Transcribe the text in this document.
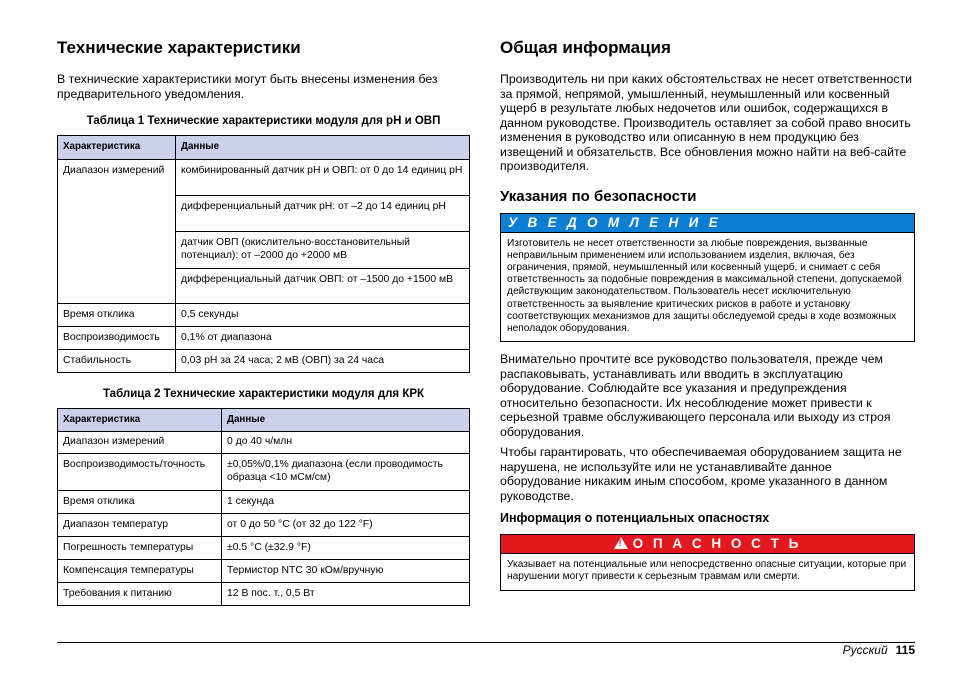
Технические характеристики

В технические характеристики могут быть внесены изменения без предварительного уведомления.

Таблица 1 Технические характеристики модуля для pH и ОВП
Характеристика	Данные
Диапазон измерений	комбинированный датчик pH и ОВП: от 0 до 14 единиц pH
	дифференциальный датчик pH: от –2 до 14 единиц pH
	датчик ОВП (окислительно-восстановительный потенциал): от –2000 до +2000 мВ
	дифференциальный датчик ОВП: от –1500 до +1500 мВ
Время отклика	0,5 секунды
Воспроизводимость	0,1% от диапазона
Стабильность	0,03 pH за 24 часа; 2 мВ (ОВП) за 24 часа
Таблица 2 Технические характеристики модуля для КРК
Характеристика	Данные
Диапазон измерений	0 до 40 ч/млн
Воспроизводимость/точность	±0,05%/0,1% диапазона (если проводимость образца <10 мСм/см)
Время отклика	1 секунда
Диапазон температур	от 0 до 50 °C (от 32 до 122 °F)
Погрешность температуры	±0.5 °C (±32.9 °F)
Компенсация температуры	Термистор NTC 30 кОм/вручную
Требования к питанию	12 В пос. т., 0,5 Вт
Общая информация

Производитель ни при каких обстоятельствах не несет ответственности за прямой, непрямой, умышленный, неумышленный или косвенный ущерб в результате любых недочетов или ошибок, содержащихся в данном руководстве. Производитель оставляет за собой право вносить изменения в руководство или описанную в нем продукцию без извещений и обязательств. Все обновления можно найти на веб-сайте производителя.

Указания по безопасности
У В Е Д О М Л Е Н И Е
Изготовитель не несет ответственности за любые повреждения, вызванные неправильным применением или использованием изделия, включая, без ограничения, прямой, неумышленный или косвенный ущерб, и снимает с себя ответственность за подобные повреждения в максимальной степени, допускаемой действующим законодательством. Пользователь несет исключительную ответственность за выявление критических рисков в работе и установку соответствующих механизмов для защиты обследуемой среды в ходе возможных неполадок оборудования.

Внимательно прочтите все руководство пользователя, прежде чем распаковывать, устанавливать или вводить в эксплуатацию оборудование. Соблюдайте все указания и предупреждения относительно безопасности. Их несоблюдение может привести к серьезной травме обслуживающего персонала или выходу из строя оборудования.

Чтобы гарантировать, что обеспечиваемая оборудованием защита не нарушена, не используйте или не устанавливайте данное оборудование никаким иным способом, кроме указанного в данном руководстве.

Информация о потенциальных опасностях
!О П А С Н О С Т Ь
Указывает на потенциальные или непосредственно опасные ситуации, которые при нарушении могут привести к серьезным травмам или смерти.
Русский 115
